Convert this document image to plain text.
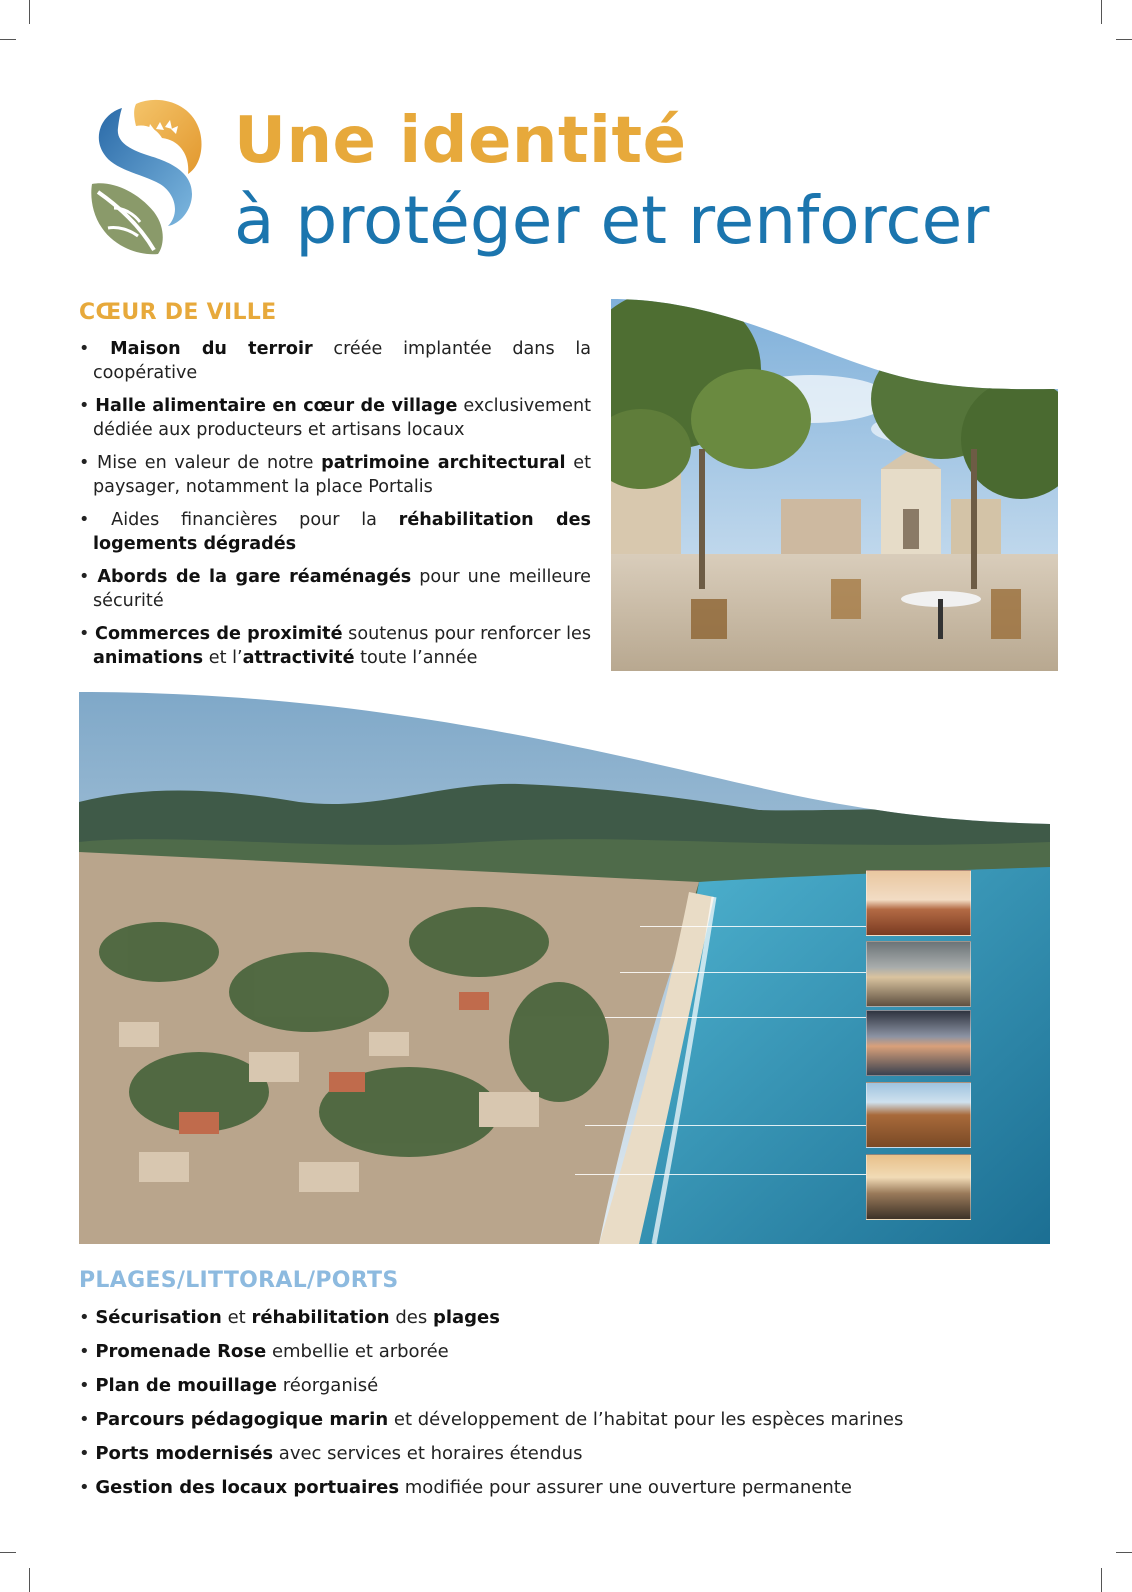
Une identité
à protéger et renforcer
CŒUR DE VILLE
• Maison du terroir créée implantée dans la coopérative
• Halle alimentaire en cœur de village exclusivement dédiée aux producteurs et artisans locaux
• Mise en valeur de notre patrimoine architectural et paysager, notamment la place Portalis
• Aides financières pour la réhabilitation des logements dégradés
• Abords de la gare réaménagés pour une meilleure sécurité
• Commerces de proximité soutenus pour renforcer les animations et l’attractivité toute l’année
PLAGES/LITTORAL/PORTS
• Sécurisation et réhabilitation des plages
• Promenade Rose embellie et arborée
• Plan de mouillage réorganisé
• Parcours pédagogique marin et développement de l’habitat pour les espèces marines
• Ports modernisés avec services et horaires étendus
• Gestion des locaux portuaires modifiée pour assurer une ouverture permanente
